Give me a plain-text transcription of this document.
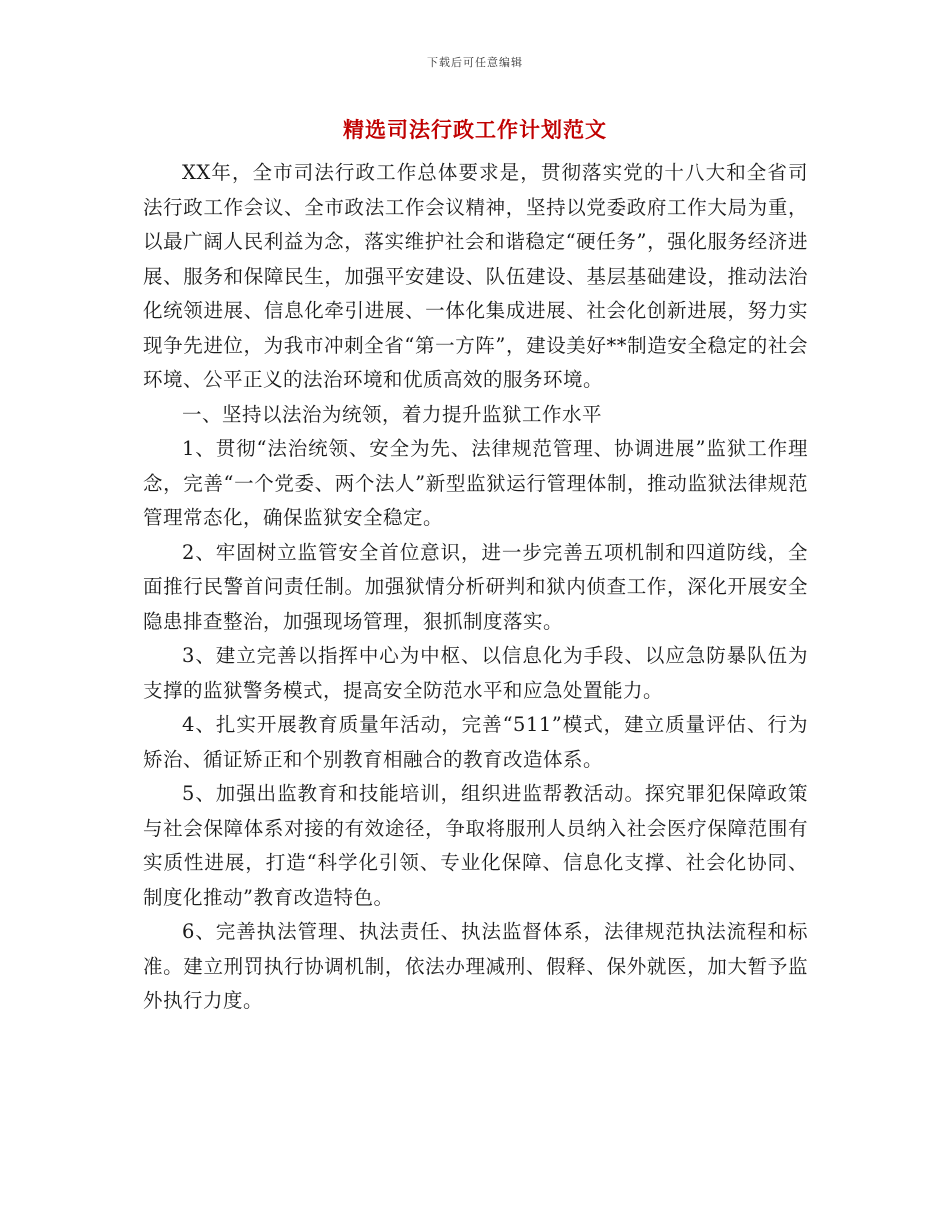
下载后可任意编辑
精选司法行政工作计划范文

XX年，全市司法行政工作总体要求是，贯彻落实党的十八大和全省司法行政工作会议、全市政法工作会议精神，坚持以党委政府工作大局为重，以最广阔人民利益为念，落实维护社会和谐稳定“硬任务”，强化服务经济进展、服务和保障民生，加强平安建设、队伍建设、基层基础建设，推动法治化统领进展、信息化牵引进展、一体化集成进展、社会化创新进展，努力实现争先进位，为我市冲刺全省“第一方阵”，建设美好**制造安全稳定的社会环境、公平正义的法治环境和优质高效的服务环境。

一、坚持以法治为统领，着力提升监狱工作水平

1、贯彻“法治统领、安全为先、法律规范管理、协调进展”监狱工作理念，完善“一个党委、两个法人”新型监狱运行管理体制，推动监狱法律规范管理常态化，确保监狱安全稳定。

2、牢固树立监管安全首位意识，进一步完善五项机制和四道防线，全面推行民警首问责任制。加强狱情分析研判和狱内侦查工作，深化开展安全隐患排查整治，加强现场管理，狠抓制度落实。

3、建立完善以指挥中心为中枢、以信息化为手段、以应急防暴队伍为支撑的监狱警务模式，提高安全防范水平和应急处置能力。

4、扎实开展教育质量年活动，完善“511”模式，建立质量评估、行为矫治、循证矫正和个别教育相融合的教育改造体系。

5、加强出监教育和技能培训，组织进监帮教活动。探究罪犯保障政策与社会保障体系对接的有效途径，争取将服刑人员纳入社会医疗保障范围有实质性进展，打造“科学化引领、专业化保障、信息化支撑、社会化协同、制度化推动”教育改造特色。

6、完善执法管理、执法责任、执法监督体系，法律规范执法流程和标准。建立刑罚执行协调机制，依法办理减刑、假释、保外就医，加大暂予监外执行力度。
